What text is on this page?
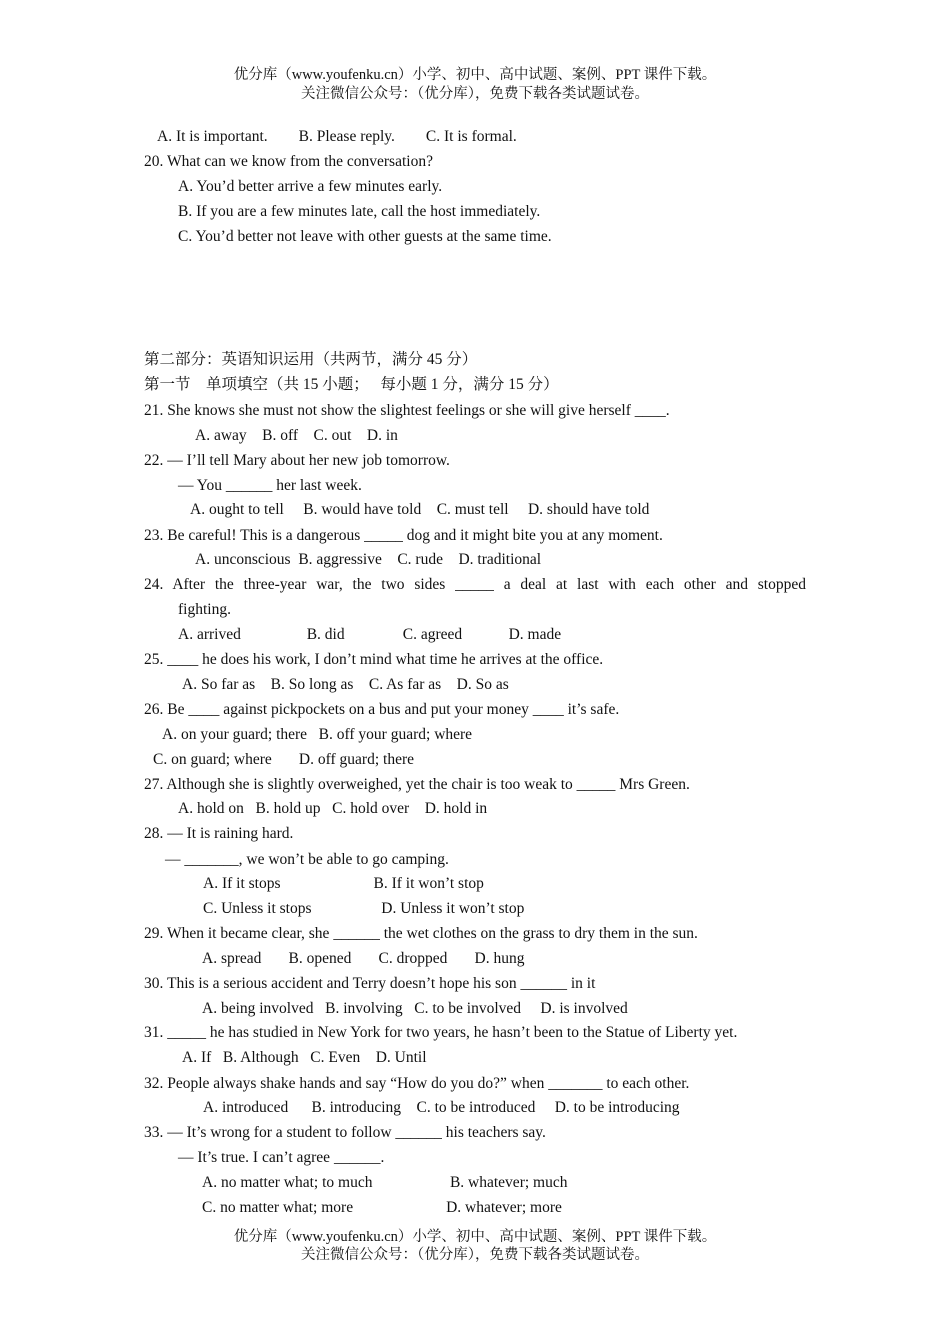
优分库（www.youfenku.cn）小学、初中、高中试题、案例、PPT 课件下载。
关注微信公众号：（优分库），免费下载各类试题试卷。
A. It is important.        B. Please reply.        C. It is formal.
20. What can we know from the conversation?
A. You’d better arrive a few minutes early.
B. If you are a few minutes late, call the host immediately.
C. You’d better not leave with other guests at the same time.
第二部分：英语知识运用（共两节，满分 45 分）
第一节    单项填空（共 15 小题；   每小题 1 分，满分 15 分）
21. She knows she must not show the slightest feelings or she will give herself ____.
A. away    B. off    C. out    D. in
22. — I’ll tell Mary about her new job tomorrow.
— You ______ her last week.
A. ought to tell     B. would have told    C. must tell     D. should have told
23. Be careful! This is a dangerous _____ dog and it might bite you at any moment.
A. unconscious  B. aggressive    C. rude    D. traditional
24. After the three-year war, the two sides _____ a deal at last with each other and stopped
fighting.
A. arrived                 B. did               C. agreed            D. made
25. ____ he does his work, I don’t mind what time he arrives at the office.
A. So far as    B. So long as    C. As far as    D. So as
26. Be ____ against pickpockets on a bus and put your money ____ it’s safe.
A. on your guard; there   B. off your guard; where
C. on guard; where       D. off guard; there
27. Although she is slightly overweighed, yet the chair is too weak to _____ Mrs Green.
A. hold on   B. hold up   C. hold over    D. hold in
28. — It is raining hard.
— _______, we won’t be able to go camping.
A. If it stops                        B. If it won’t stop
C. Unless it stops                  D. Unless it won’t stop
29. When it became clear, she ______ the wet clothes on the grass to dry them in the sun.
A. spread       B. opened       C. dropped       D. hung
30. This is a serious accident and Terry doesn’t hope his son ______ in it
A. being involved   B. involving   C. to be involved     D. is involved
31. _____ he has studied in New York for two years, he hasn’t been to the Statue of Liberty yet.
A. If   B. Although   C. Even    D. Until
32. People always shake hands and say “How do you do?” when _______ to each other.
A. introduced      B. introducing    C. to be introduced     D. to be introducing
33. — It’s wrong for a student to follow ______ his teachers say.
— It’s true. I can’t agree ______.
A. no matter what; to much                    B. whatever; much
C. no matter what; more                        D. whatever; more
优分库（www.youfenku.cn）小学、初中、高中试题、案例、PPT 课件下载。
关注微信公众号：（优分库），免费下载各类试题试卷。
